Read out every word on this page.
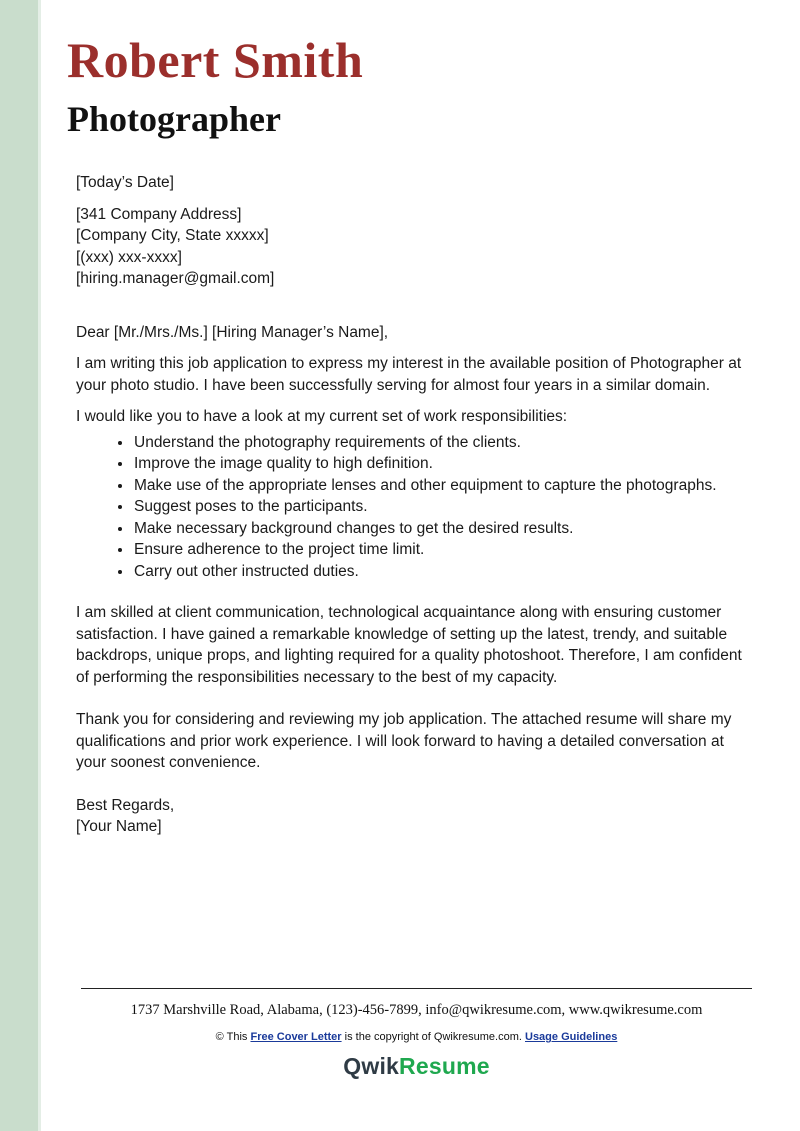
Robert Smith
Photographer

[Today’s Date]

[341 Company Address]

[Company City, State xxxxx]

[(xxx) xxx-xxxx]

[hiring.manager@gmail.com]

Dear [Mr./Mrs./Ms.] [Hiring Manager’s Name],

I am writing this job application to express my interest in the available position of Photographer at your photo studio. I have been successfully serving for almost four years in a similar domain.

I would like you to have a look at my current set of work responsibilities:

• Understand the photography requirements of the clients.
• Improve the image quality to high definition.
• Make use of the appropriate lenses and other equipment to capture the photographs.
• Suggest poses to the participants.
• Make necessary background changes to get the desired results.
• Ensure adherence to the project time limit.
• Carry out other instructed duties.

I am skilled at client communication, technological acquaintance along with ensuring customer satisfaction. I have gained a remarkable knowledge of setting up the latest, trendy, and suitable backdrops, unique props, and lighting required for a quality photoshoot. Therefore, I am confident of performing the responsibilities necessary to the best of my capacity.

Thank you for considering and reviewing my job application. The attached resume will share my qualifications and prior work experience. I will look forward to having a detailed conversation at your soonest convenience.

Best Regards,

[Your Name]

1737 Marshville Road, Alabama, (123)-456-7899, info@qwikresume.com, www.qwikresume.com
© This Free Cover Letter is the copyright of Qwikresume.com. Usage Guidelines
QwikResume
